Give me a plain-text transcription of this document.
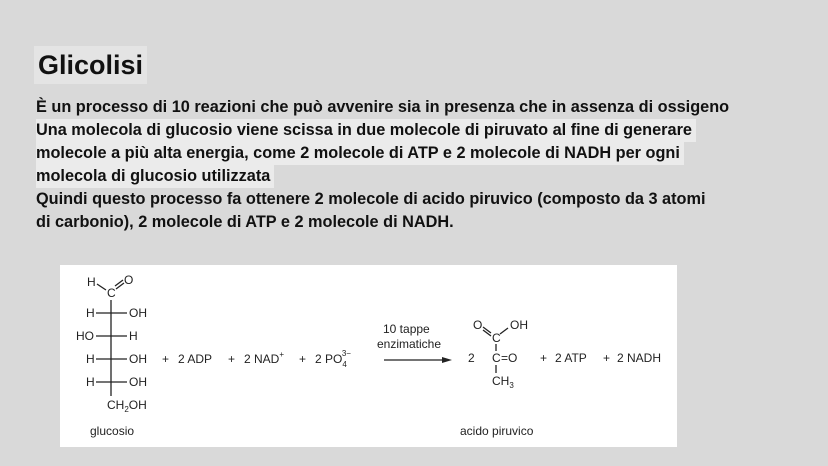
Glicolisi
È un processo di 10 reazioni che può avvenire sia in presenza che in assenza di ossigeno
Una molecola di glucosio viene scissa in due molecole di piruvato al fine di generare
molecole a più alta energia, come 2 molecole di ATP e 2 molecole di NADH per ogni
molecola di glucosio utilizzata
Quindi questo processo fa ottenere 2 molecole di acido piruvico (composto da 3 atomi
di carbonio), 2 molecole di ATP e 2 molecole di NADH.
H
C
O
H	OH
HO	H
H	OH
H	OH
$CH_2OH$
glucosio
+ 2 ADP + 2 NAD+ + 2 $PO_43-$
10 tappe
enzimatiche
2
O
C
OH
C =O
$CH_3$
acido piruvico
+ 2 ATP + 2 NADH
